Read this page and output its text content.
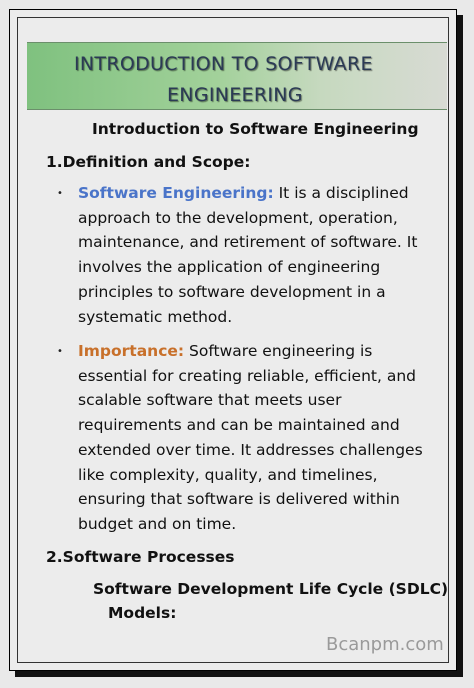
INTRODUCTION TO SOFTWARE
ENGINEERING
Introduction to Software Engineering
1.Definition and Scope:
• Software Engineering: It is a disciplined approach to the development, operation, maintenance, and retirement of software. It involves the application of engineering principles to software development in a systematic method.
• Importance: Software engineering is essential for creating reliable, efficient, and scalable software that meets user requirements and can be maintained and extended over time. It addresses challenges like complexity, quality, and timelines, ensuring that software is delivered within budget and on time.
2.Software Processes
Software Development Life Cycle (SDLC)
Models:
Bcanpm.com
